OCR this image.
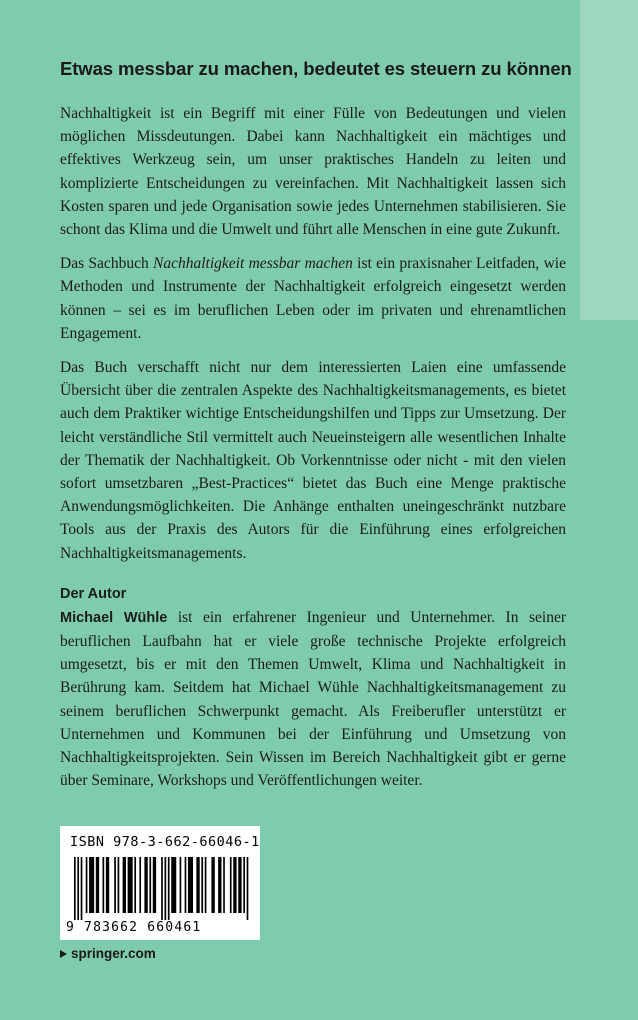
Etwas messbar zu machen, bedeutet es steuern zu können

Nachhaltigkeit ist ein Begriff mit einer Fülle von Bedeutungen und vielen möglichen Missdeutungen. Dabei kann Nachhaltigkeit ein mächtiges und effektives Werkzeug sein, um unser praktisches Handeln zu leiten und komplizierte Entscheidungen zu vereinfachen. Mit Nachhaltigkeit lassen sich Kosten sparen und jede Organisation sowie jedes Unternehmen stabilisieren. Sie schont das Klima und die Umwelt und führt alle Menschen in eine gute Zukunft.

Das Sachbuch Nachhaltigkeit messbar machen ist ein praxisnaher Leitfaden, wie Methoden und Instrumente der Nachhaltigkeit erfolgreich eingesetzt werden können – sei es im beruflichen Leben oder im privaten und ehrenamtlichen Engagement.

Das Buch verschafft nicht nur dem interessierten Laien eine umfassende Übersicht über die zentralen Aspekte des Nachhaltigkeitsmanagements, es bietet auch dem Praktiker wichtige Entscheidungshilfen und Tipps zur Umsetzung. Der leicht verständliche Stil vermittelt auch Neueinsteigern alle wesentlichen Inhalte der Thematik der Nachhaltigkeit. Ob Vorkenntnisse oder nicht - mit den vielen sofort umsetzbaren „Best-Practices“ bietet das Buch eine Menge praktische Anwendungsmöglichkeiten. Die Anhänge enthalten uneingeschränkt nutzbare Tools aus der Praxis des Autors für die Einführung eines erfolgreichen Nachhaltigkeitsmanagements.

Der Autor

Michael Wühle ist ein erfahrener Ingenieur und Unternehmer. In seiner beruflichen Laufbahn hat er viele große technische Projekte erfolgreich umgesetzt, bis er mit den Themen Umwelt, Klima und Nachhaltigkeit in Berührung kam. Seitdem hat Michael Wühle Nachhaltigkeitsmanagement zu seinem beruflichen Schwerpunkt gemacht. Als Freiberufler unterstützt er Unternehmen und Kommunen bei der Einführung und Umsetzung von Nachhaltigkeitsprojekten. Sein Wissen im Bereich Nachhaltigkeit gibt er gerne über Seminare, Workshops und Veröffentlichungen weiter.

ISBN 978-3-662-66046-1
9 783662 660461
springer.com
